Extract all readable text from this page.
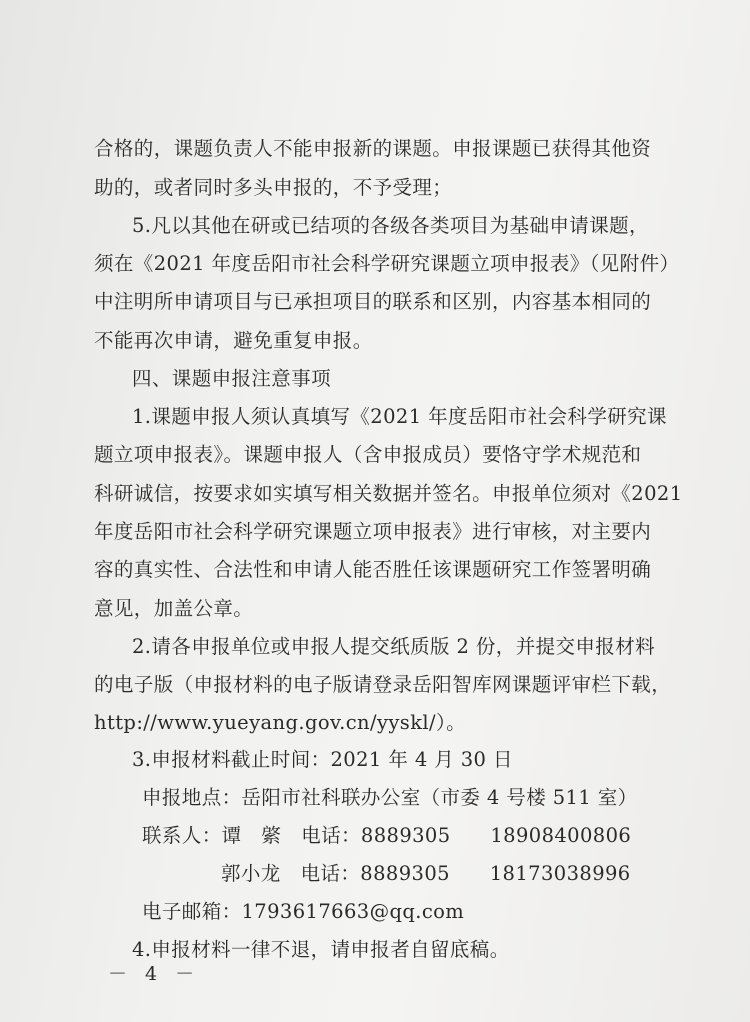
合格的，课题负责人不能申报新的课题。申报课题已获得其他资
助的，或者同时多头申报的，不予受理；
5.凡以其他在研或已结项的各级各类项目为基础申请课题，
须在《2021 年度岳阳市社会科学研究课题立项申报表》（见附件）
中注明所申请项目与已承担项目的联系和区别，内容基本相同的
不能再次申请，避免重复申报。
四、课题申报注意事项
1.课题申报人须认真填写《2021 年度岳阳市社会科学研究课
题立项申报表》。课题申报人（含申报成员）要恪守学术规范和
科研诚信，按要求如实填写相关数据并签名。申报单位须对《2021
年度岳阳市社会科学研究课题立项申报表》进行审核，对主要内
容的真实性、合法性和申请人能否胜任该课题研究工作签署明确
意见，加盖公章。
2.请各申报单位或申报人提交纸质版 2 份，并提交申报材料
的电子版（申报材料的电子版请登录岳阳智库网课题评审栏下载，
http://www.yueyang.gov.cn/yyskl/）。
3.申报材料截止时间：2021 年 4 月 30 日
申报地点：岳阳市社科联办公室（市委 4 号楼 511 室）
联系人：谭　綮　电话：8889305　　18908400806
郭小龙　电话：8889305　　18173038996
电子邮箱：1793617663@qq.com
4.申报材料一律不退，请申报者自留底稿。
－ 4 －
